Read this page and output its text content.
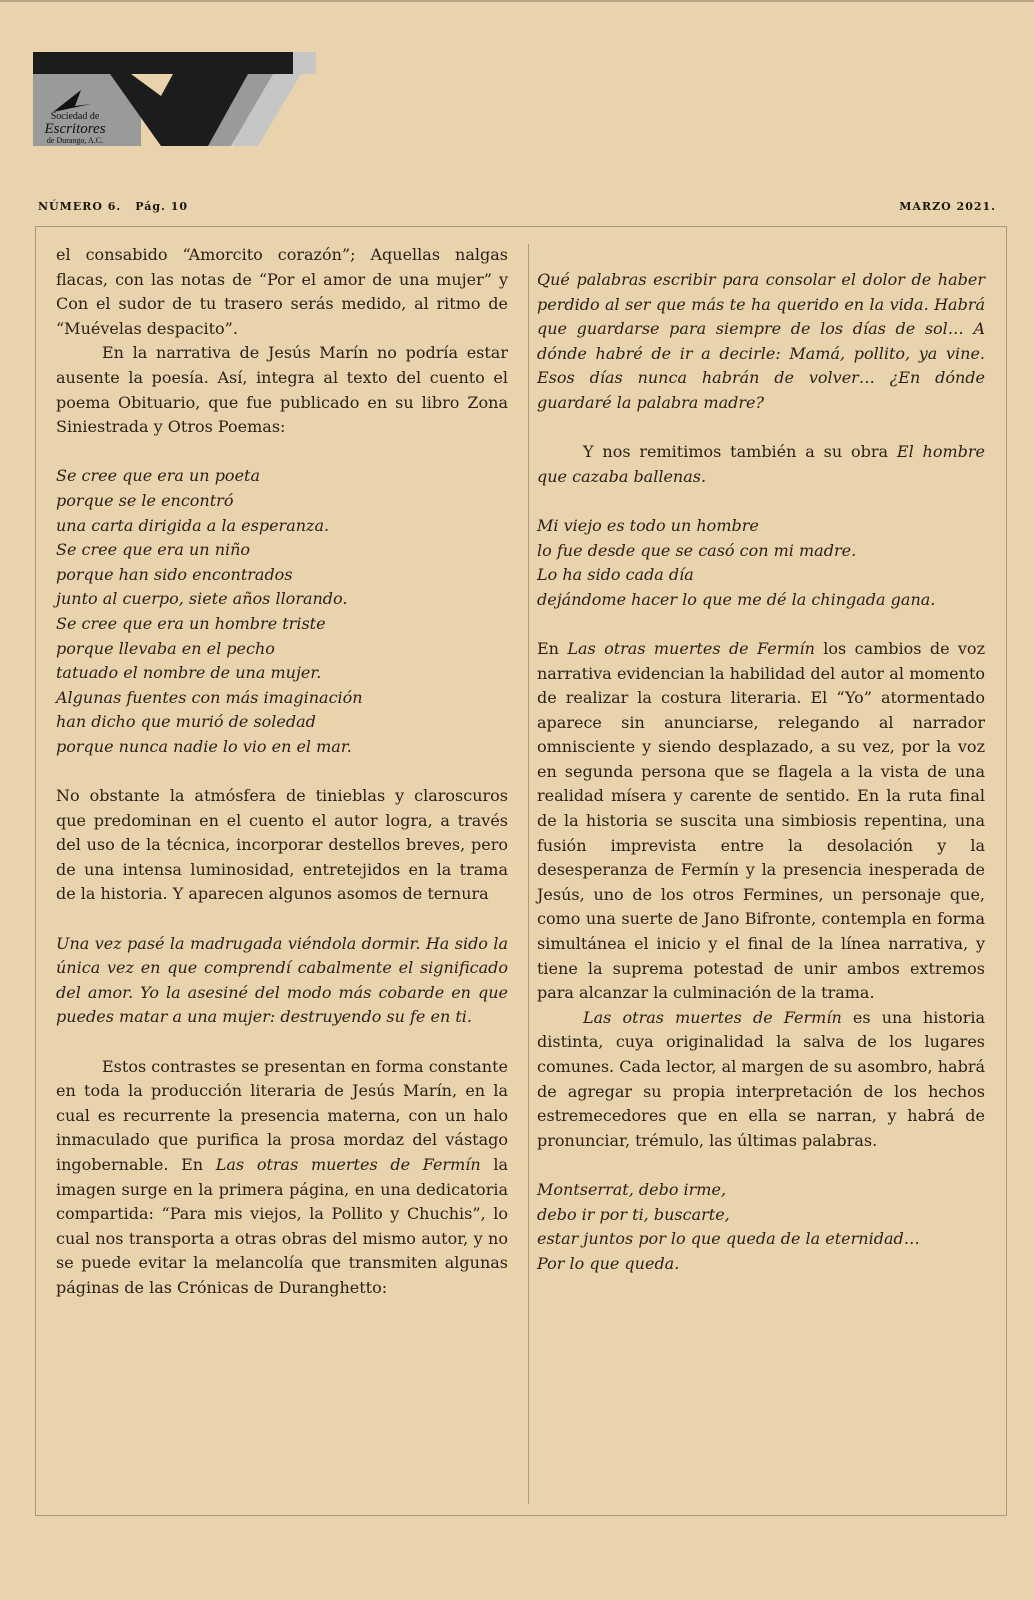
Sociedad de
Escritores
de Durango, A.C.
NÚMERO 6. Pág. 10	MARZO 2021.

el consabido “Amorcito corazón”; Aquellas nalgas flacas, con las notas de “Por el amor de una mujer” y Con el sudor de tu trasero serás medido, al ritmo de “Muévelas despacito”.

En la narrativa de Jesús Marín no podría estar ausente la poesía. Así, integra al texto del cuento el poema Obituario, que fue publicado en su libro Zona Siniestrada y Otros Poemas:

Se cree que era un poeta

porque se le encontró

una carta dirigida a la esperanza.

Se cree que era un niño

porque han sido encontrados

junto al cuerpo, siete años llorando.

Se cree que era un hombre triste

porque llevaba en el pecho

tatuado el nombre de una mujer.

Algunas fuentes con más imaginación

han dicho que murió de soledad

porque nunca nadie lo vio en el mar.

No obstante la atmósfera de tinieblas y claroscuros que predominan en el cuento el autor logra, a través del uso de la técnica, incorporar destellos breves, pero de una intensa luminosidad, entretejidos en la trama de la historia. Y aparecen algunos asomos de ternura

Una vez pasé la madrugada viéndola dormir. Ha sido la única vez en que comprendí cabalmente el significado del amor. Yo la asesiné del modo más cobarde en que puedes matar a una mujer: destruyendo su fe en ti.

Estos contrastes se presentan en forma constante en toda la producción literaria de Jesús Marín, en la cual es recurrente la presencia materna, con un halo inmaculado que purifica la prosa mordaz del vástago ingobernable. En Las otras muertes de Fermín la imagen surge en la primera página, en una dedicatoria compartida: “Para mis viejos, la Pollito y Chuchis”, lo cual nos transporta a otras obras del mismo autor, y no se puede evitar la melancolía que transmiten algunas páginas de las Crónicas de Duranghetto:

Qué palabras escribir para consolar el dolor de haber perdido al ser que más te ha querido en la vida. Habrá que guardarse para siempre de los días de sol… A dónde habré de ir a decirle: Mamá, pollito, ya vine. Esos días nunca habrán de volver… ¿En dónde guardaré la palabra madre?

Y nos remitimos también a su obra El hombre que cazaba ballenas.

Mi viejo es todo un hombre

lo fue desde que se casó con mi madre.

Lo ha sido cada día

dejándome hacer lo que me dé la chingada gana.

En Las otras muertes de Fermín los cambios de voz narrativa evidencian la habilidad del autor al momento de realizar la costura literaria. El “Yo” atormentado aparece sin anunciarse, relegando al narrador omnisciente y siendo desplazado, a su vez, por la voz en segunda persona que se flagela a la vista de una realidad mísera y carente de sentido. En la ruta final de la historia se suscita una simbiosis repentina, una fusión imprevista entre la desolación y la desesperanza de Fermín y la presencia inesperada de Jesús, uno de los otros Fermines, un personaje que, como una suerte de Jano Bifronte, contempla en forma simultánea el inicio y el final de la línea narrativa, y tiene la suprema potestad de unir ambos extremos para alcanzar la culminación de la trama.

Las otras muertes de Fermín es una historia distinta, cuya originalidad la salva de los lugares comunes. Cada lector, al margen de su asombro, habrá de agregar su propia interpretación de los hechos estremecedores que en ella se narran, y habrá de pronunciar, trémulo, las últimas palabras.

Montserrat, debo irme,

debo ir por ti, buscarte,

estar juntos por lo que queda de la eternidad…

Por lo que queda.
